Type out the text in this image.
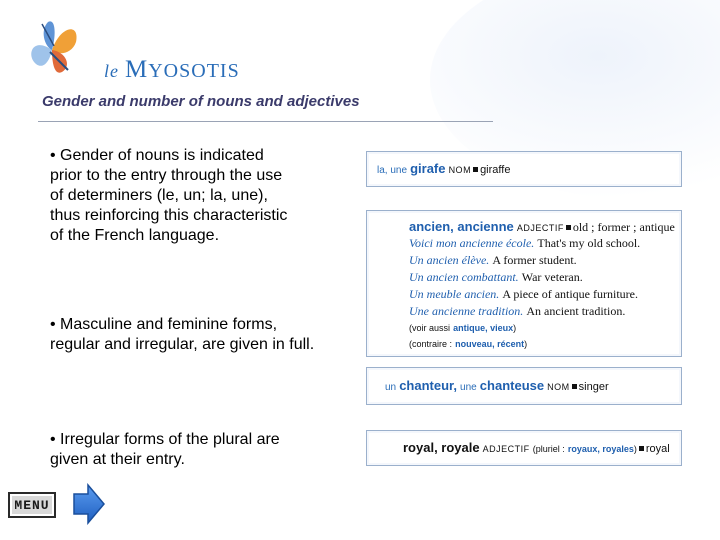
le MYOSOTIS
Gender and number of nouns and adjectives
• Gender of nouns is indicated
prior to the entry through the use
of determiners (le, un; la, une),
thus reinforcing this characteristic
of the French language.
• Masculine and feminine forms,
regular and irregular, are given in full.
• Irregular forms of the plural are
given at their entry.
la, une girafe NOM giraffe
ancien, ancienne ADJECTIF old ; former ; antique
Voici mon ancienne école. That's my old school.
Un ancien élève. A former student.
Un ancien combattant. War veteran.
Un meuble ancien. A piece of antique furniture.
Une ancienne tradition. An ancient tradition.
(voir aussi antique, vieux)
(contraire : nouveau, récent)
un chanteur, une chanteuse NOM singer
royal, royale ADJECTIF (pluriel : royaux, royales) royal
MENU
